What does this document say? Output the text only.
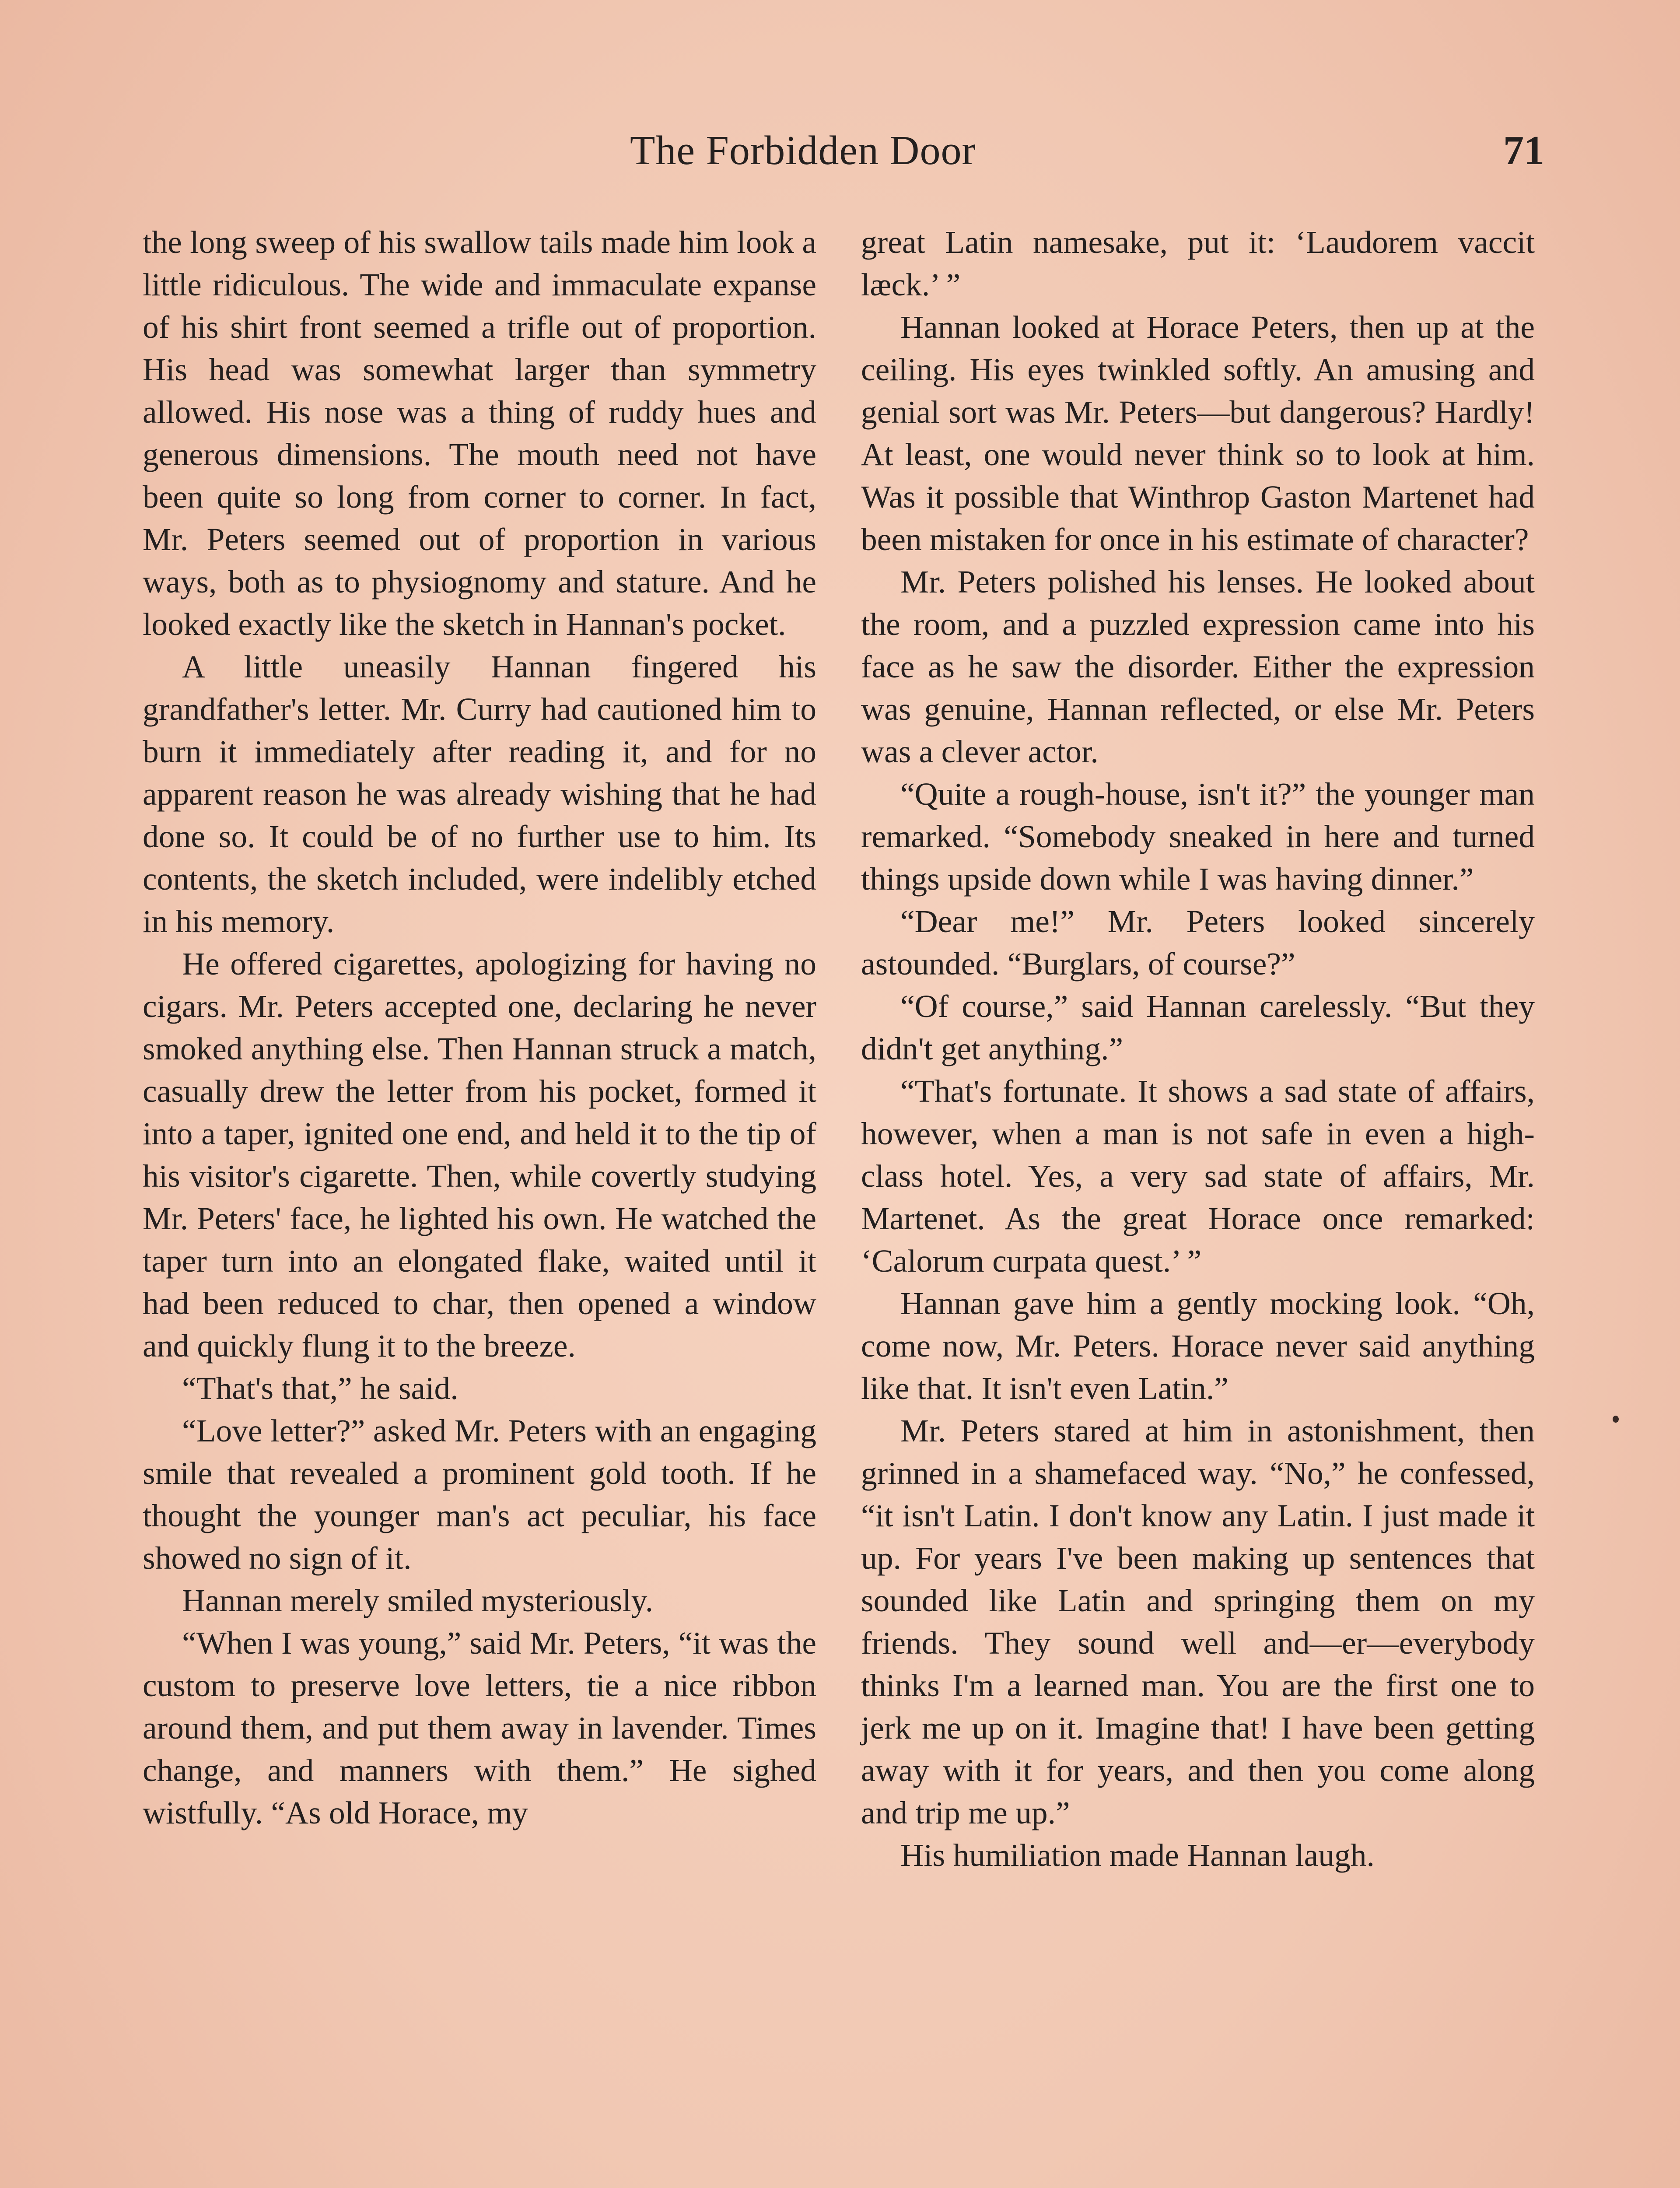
The Forbidden Door	71

the long sweep of his swallow tails made him look a little ridiculous. The wide and immaculate expanse of his shirt front seemed a trifle out of proportion. His head was somewhat larger than symmetry allowed. His nose was a thing of ruddy hues and generous dimensions. The mouth need not have been quite so long from corner to corner. In fact, Mr. Peters seemed out of proportion in various ways, both as to physiognomy and stature. And he looked exactly like the sketch in Hannan's pocket.

A little uneasily Hannan fingered his grandfather's letter. Mr. Curry had cautioned him to burn it immediately after reading it, and for no apparent reason he was already wishing that he had done so. It could be of no further use to him. Its contents, the sketch included, were indelibly etched in his memory.

He offered cigarettes, apologizing for having no cigars. Mr. Peters accepted one, declaring he never smoked anything else. Then Hannan struck a match, casually drew the letter from his pocket, formed it into a taper, ignited one end, and held it to the tip of his visitor's cigarette. Then, while covertly studying Mr. Peters' face, he lighted his own. He watched the taper turn into an elongated flake, waited until it had been reduced to char, then opened a window and quickly flung it to the breeze.

“That's that,” he said.

“Love letter?” asked Mr. Peters with an engaging smile that revealed a prominent gold tooth. If he thought the younger man's act peculiar, his face showed no sign of it.

Hannan merely smiled mysteriously.

“When I was young,” said Mr. Peters, “it was the custom to preserve love letters, tie a nice ribbon around them, and put them away in lavender. Times change, and manners with them.” He sighed wistfully. “As old Horace, my

great Latin namesake, put it: ‘Laudorem vaccit læck.’ ”

Hannan looked at Horace Peters, then up at the ceiling. His eyes twinkled softly. An amusing and genial sort was Mr. Peters—but dangerous? Hardly! At least, one would never think so to look at him. Was it possible that Winthrop Gaston Martenet had been mistaken for once in his estimate of character?

Mr. Peters polished his lenses. He looked about the room, and a puzzled expression came into his face as he saw the disorder. Either the expression was genuine, Hannan reflected, or else Mr. Peters was a clever actor.

“Quite a rough-house, isn't it?” the younger man remarked. “Somebody sneaked in here and turned things upside down while I was having dinner.”

“Dear me!” Mr. Peters looked sincerely astounded. “Burglars, of course?”

“Of course,” said Hannan carelessly. “But they didn't get anything.”

“That's fortunate. It shows a sad state of affairs, however, when a man is not safe in even a high-class hotel. Yes, a very sad state of affairs, Mr. Martenet. As the great Horace once remarked: ‘Calorum curpata quest.’ ”

Hannan gave him a gently mocking look. “Oh, come now, Mr. Peters. Horace never said anything like that. It isn't even Latin.”

Mr. Peters stared at him in astonishment, then grinned in a shamefaced way. “No,” he confessed, “it isn't Latin. I don't know any Latin. I just made it up. For years I've been making up sentences that sounded like Latin and springing them on my friends. They sound well and—er—everybody thinks I'm a learned man. You are the first one to jerk me up on it. Imagine that! I have been getting away with it for years, and then you come along and trip me up.”

His humiliation made Hannan laugh.
